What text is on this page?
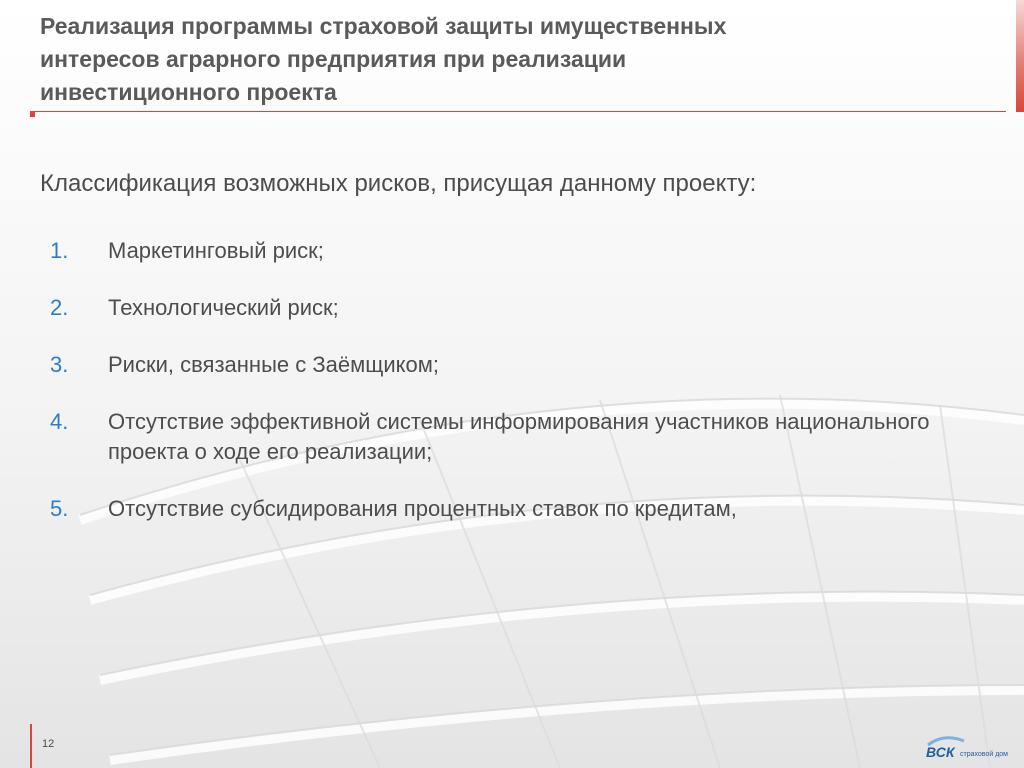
Реализация программы страховой защиты имущественных
интересов аграрного предприятия при реализации
инвестиционного проекта

Классификация возможных рисков, присущая данному проекту:

1.	Маркетинговый риск;
2.	Технологический риск;
3.	Риски, связанные с Заёмщиком;
4.	Отсутствие эффективной системы информирования участников национального проекта о ходе его реализации;
5.	Отсутствие субсидирования процентных ставок по кредитам,
12	ВСК страховой дом
